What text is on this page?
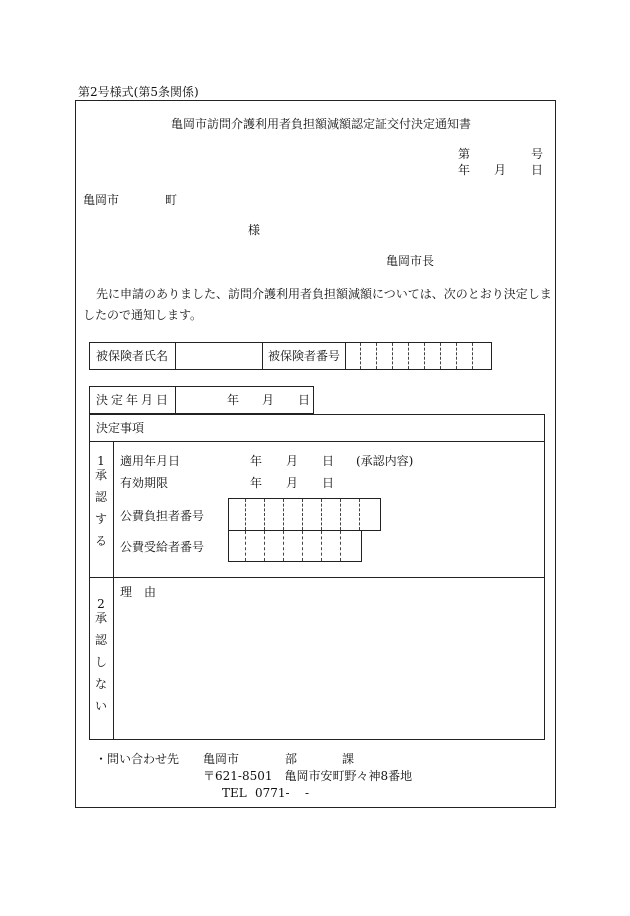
第2号様式(第5条関係)
亀岡市訪問介護利用者負担額減額認定証交付決定通知書
第	号
年 月 日
亀岡市	町
様
亀岡市長
先に申請のありました、訪問介護利用者負担額減額については、次のとおり決定しま
したので通知します。
被保険者氏名	被保険者番号
決定年月日	年 月 日
決定事項
1
承
認
す
る
適用年月日	年 月 日 (承認内容)
有効期限	年 月 日
公費負担者番号
公費受給者番号
2
承
認
し
な
い
理　由
・問い合わせ先 亀岡市	部	課
〒621-8501　亀岡市安町野々神8番地
TEL 0771- -
